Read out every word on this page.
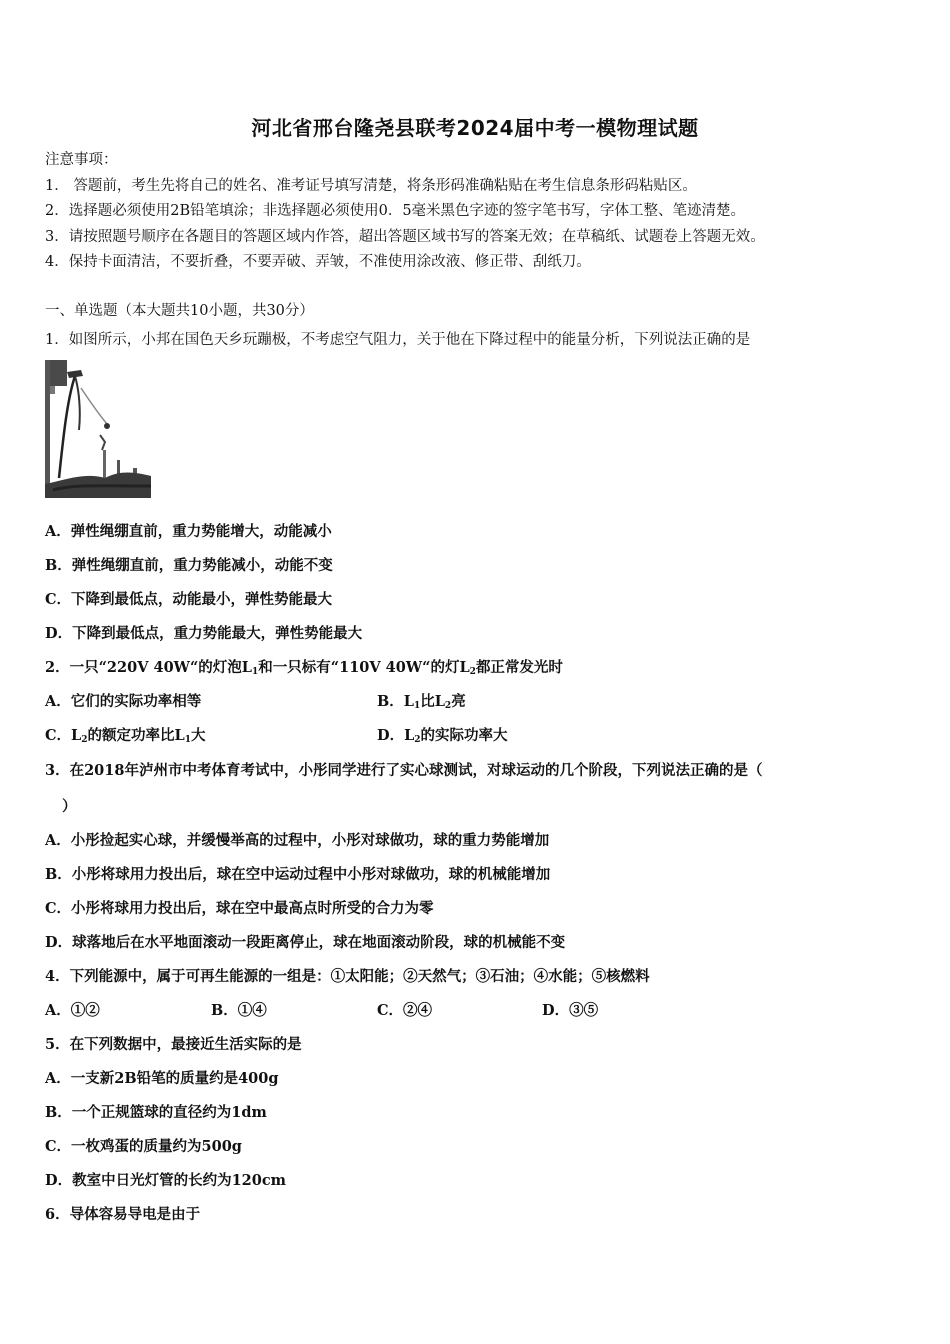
河北省邢台隆尧县联考2024届中考一模物理试题
注意事项：
1． 答题前，考生先将自己的姓名、准考证号填写清楚，将条形码准确粘贴在考生信息条形码粘贴区。
2．选择题必须使用2B铅笔填涂；非选择题必须使用0．5毫米黑色字迹的签字笔书写，字体工整、笔迹清楚。
3．请按照题号顺序在各题目的答题区域内作答，超出答题区域书写的答案无效；在草稿纸、试题卷上答题无效。
4．保持卡面清洁，不要折叠，不要弄破、弄皱，不准使用涂改液、修正带、刮纸刀。
一、单选题（本大题共10小题，共30分）
1．如图所示，小邦在国色天乡玩蹦极，不考虑空气阻力，关于他在下降过程中的能量分析，下列说法正确的是
A．弹性绳绷直前，重力势能增大，动能减小
B．弹性绳绷直前，重力势能减小，动能不变
C．下降到最低点，动能最小，弹性势能最大
D．下降到最低点，重力势能最大，弹性势能最大
2．一只“220V 40W“的灯泡$L_1$和一只标有“110V 40W“的灯$L_2$都正常发光时
A．它们的实际功率相等	B．$L_1$比$L_2$亮
C．$L_2$的额定功率比$L_1$大	D．$L_2$的实际功率大
3．在2018年泸州市中考体育考试中，小彤同学进行了实心球测试，对球运动的几个阶段，下列说法正确的是（
）
A．小彤捡起实心球，并缓慢举高的过程中，小彤对球做功，球的重力势能增加
B．小彤将球用力投出后，球在空中运动过程中小彤对球做功，球的机械能增加
C．小彤将球用力投出后，球在空中最高点时所受的合力为零
D．球落地后在水平地面滚动一段距离停止，球在地面滚动阶段，球的机械能不变
4．下列能源中，属于可再生能源的一组是：①太阳能；②天然气；③石油；④水能；⑤核燃料
A．①②	B．①④	C．②④	D．③⑤
5．在下列数据中，最接近生活实际的是
A．一支新2B铅笔的质量约是400g
B．一个正规篮球的直径约为1dm
C．一枚鸡蛋的质量约为500g
D．教室中日光灯管的长约为120cm
6．导体容易导电是由于
